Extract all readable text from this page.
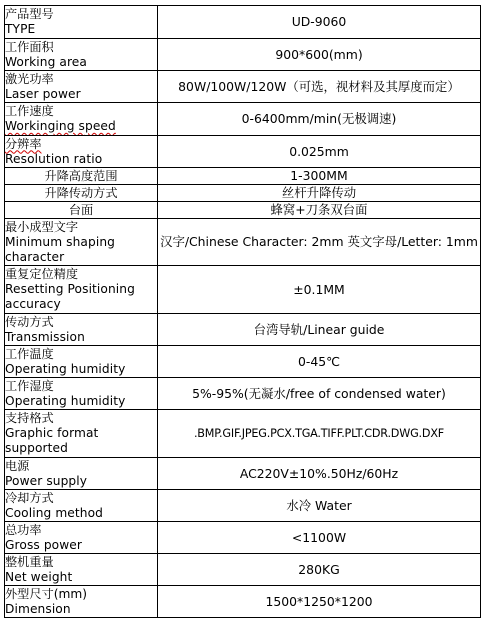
产品型号
TYPE	UD-9060

工作面积
Working area	900*600(mm)

激光功率
Laser power	80W/100W/120W（可选，视材料及其厚度而定）

工作速度
Workinging speed	0-6400mm/min(无极调速)

分辨率
Resolution ratio	0.025mm
升降高度范围	1-300MM
升降传动方式	丝杆升降传动
台面	蜂窝+刀条双台面

最小成型文字
Minimum shaping
character	汉字/Chinese Character: 2mm 英文字母/Letter: 1mm

重复定位精度
Resetting Positioning
accuracy	±0.1MM

传动方式
Transmission	台湾导轨/Linear guide

工作温度
Operating humidity	0-45℃

工作湿度
Operating humidity	5%-95%(无凝水/free of condensed water)

支持格式
Graphic format
supported	.BMP.GIF.JPEG.PCX.TGA.TIFF.PLT.CDR.DWG.DXF

电源
Power supply	AC220V±10%.50Hz/60Hz

冷却方式
Cooling method	水冷 Water

总功率
Gross power	<1100W

整机重量
Net weight	280KG

外型尺寸(mm)
Dimension	1500*1250*1200
